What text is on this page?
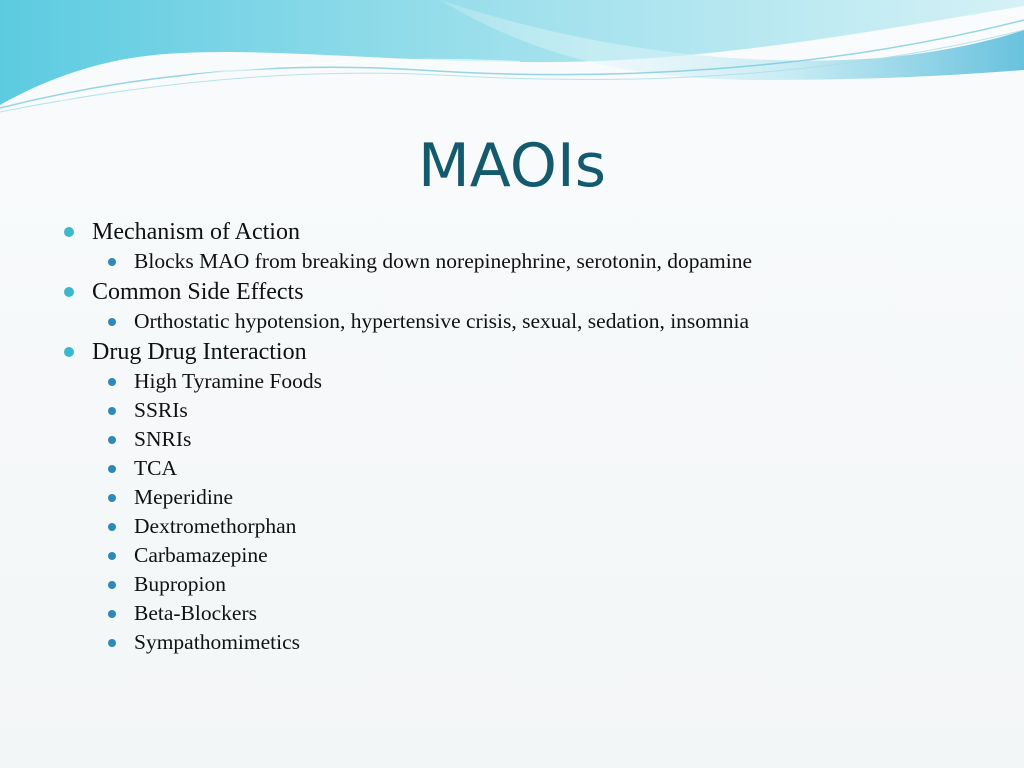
MAOIs
Mechanism of Action
Blocks MAO from breaking down norepinephrine, serotonin, dopamine
Common Side Effects
Orthostatic hypotension, hypertensive crisis, sexual, sedation, insomnia
Drug Drug Interaction
High Tyramine Foods
SSRIs
SNRIs
TCA
Meperidine
Dextromethorphan
Carbamazepine
Bupropion
Beta-Blockers
Sympathomimetics
